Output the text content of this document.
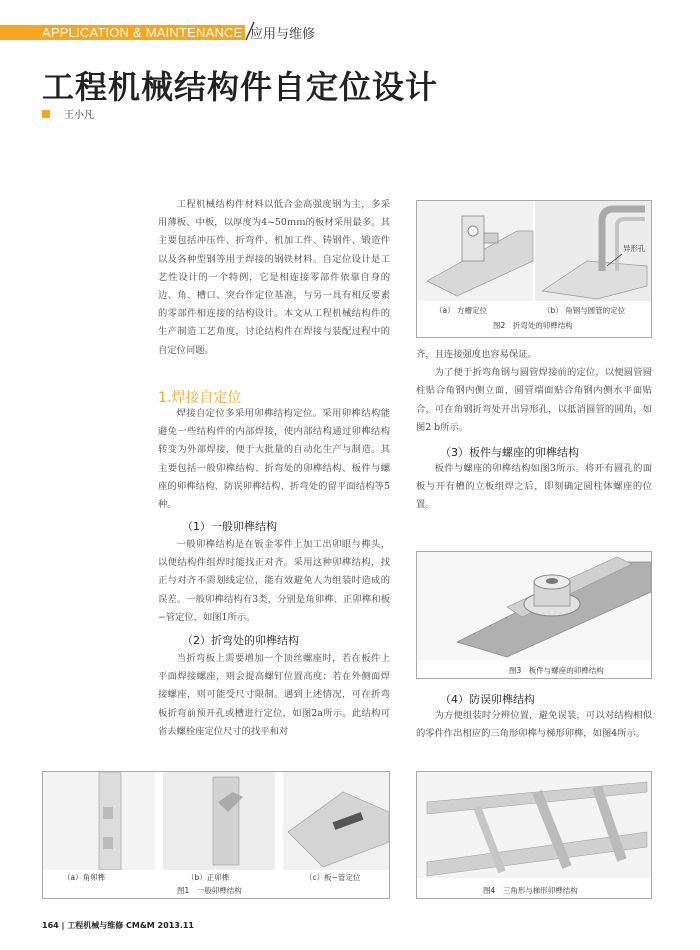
APPLICATION & MAINTENANCE 应用与维修
工程机械结构件自定位设计
王小凡

工程机械结构件材料以低合金高强度钢为主，多采用薄板、中板，以厚度为4~50ｍｍ的板材采用最多。其主要包括冲压件、折弯件、机加工件、铸钢件、锻造件以及各种型钢等用于焊接的钢铁材料。自定位设计是工艺性设计的一个特例，它是相连接零部件依靠自身的边、角、槽口、突台作定位基准，与另一具有相反要素的零部件相连接的结构设计。本文从工程机械结构件的生产制造工艺角度，讨论结构件在焊接与装配过程中的自定位问题。

1.焊接自定位

焊接自定位多采用卯榫结构定位。采用卯榫结构能避免一些结构件的内部焊接，使内部结构通过卯榫结构转变为外部焊接，便于大批量的自动化生产与制造。其主要包括一般卯榫结构、折弯处的卯榫结构、板件与螺座的卯榫结构、防误卯榫结构、折弯处的留平面结构等5种。

（1）一般卯榫结构

一般卯榫结构是在钣金零件上加工出卯眼与榫头，以便结构件组焊时能找正对齐。采用这种卯榫结构，找正与对齐不需划线定位，能有效避免人为组装时造成的误差。一般卯榫结构有3类，分别是角卯榫、正卯榫和板−管定位，如图1所示。

（2）折弯处的卯榫结构

当折弯板上需要增加一个顶丝螺座时，若在板件上平面焊接螺座，则会提高螺钉位置高度；若在外侧面焊接螺座，则可能受尺寸限制。遇到上述情况，可在折弯板折弯前预开孔或槽进行定位，如图2a所示。此结构可省去螺栓座定位尺寸的找平和对

异形孔
（a） 方槽定位	（b） 角钢与圆管的定位
图2　折弯处的卯榫结构
齐，且连接强度也容易保证。

为了便于折弯角钢与圆管焊接前的定位，以便圆管圆柱贴合角钢内侧立面，圆管端面贴合角钢内侧水平面贴合，可在角钢折弯处开出异形孔，以抵消圆管的圆角，如图2 b所示。

（3）板件与螺座的卯榫结构

板件与螺座的卯榫结构如图3所示。将开有圆孔的面板与开有槽的立板组焊之后，即刻确定圆柱体螺座的位置。

图3　板件与螺座的卯榫结构
（4）防误卯榫结构

为方便组装时分辨位置，避免误装，可以对结构相似的零件作出相应的三角形卯榫与梯形卯榫，如图4所示。

（a）角卯榫	（b）正卯榫	（c）板−管定位
图1　一般卯榫结构	图4　三角形与梯形卯榫结构
164 | 工程机械与维修 CM&M 2013.11
